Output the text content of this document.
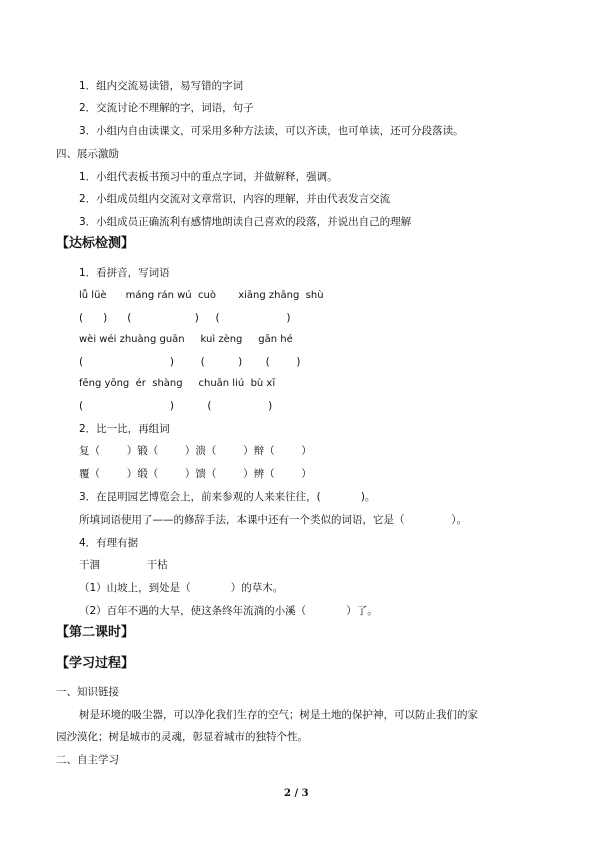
1．组内交流易读错，易写错的字词
2．交流讨论不理解的字，词语，句子
3．小组内自由读课文，可采用多种方法读，可以齐读，也可单读，还可分段落读。
四、展示激励
1．小组代表板书预习中的重点字词，并做解释，强调。
2．小组成员组内交流对文章常识，内容的理解，并由代表发言交流
3．小组成员正确流利有感情地朗读自己喜欢的段落，并说出自己的理解
【达标检测】
1．看拼音，写词语
lǚ lüè      máng rán wú  cuò       xiāng zhāng  shù
(      )      (                   )     (                    )
wèi wéi zhuàng guān     kuì zèng     gān hé
(                          )        (          )       (        )
fēng yōng  ér  shàng     chuān liú  bù xī
(                          )          (                 )
2．比一比，再组词
复（        ）锻（        ）溃（        ）辩（        ）
覆（        ）缎（        ）馈（        ）辨（        ）
3．在昆明园艺博览会上，前来参观的人来来往往，(            )。
所填词语使用了——的修辞手法，本课中还有一个类似的词语，它是（              ）。
4．有理有据
干涸              干枯
（1）山坡上，到处是（            ）的草木。
（2）百年不遇的大旱，使这条终年流淌的小溪（            ）了。
【第二课时】
【学习过程】
一、知识链接
树是环境的吸尘器，可以净化我们生存的空气；树是土地的保护神，可以防止我们的家
园沙漠化；树是城市的灵魂，彰显着城市的独特个性。
二、自主学习
2 / 3
